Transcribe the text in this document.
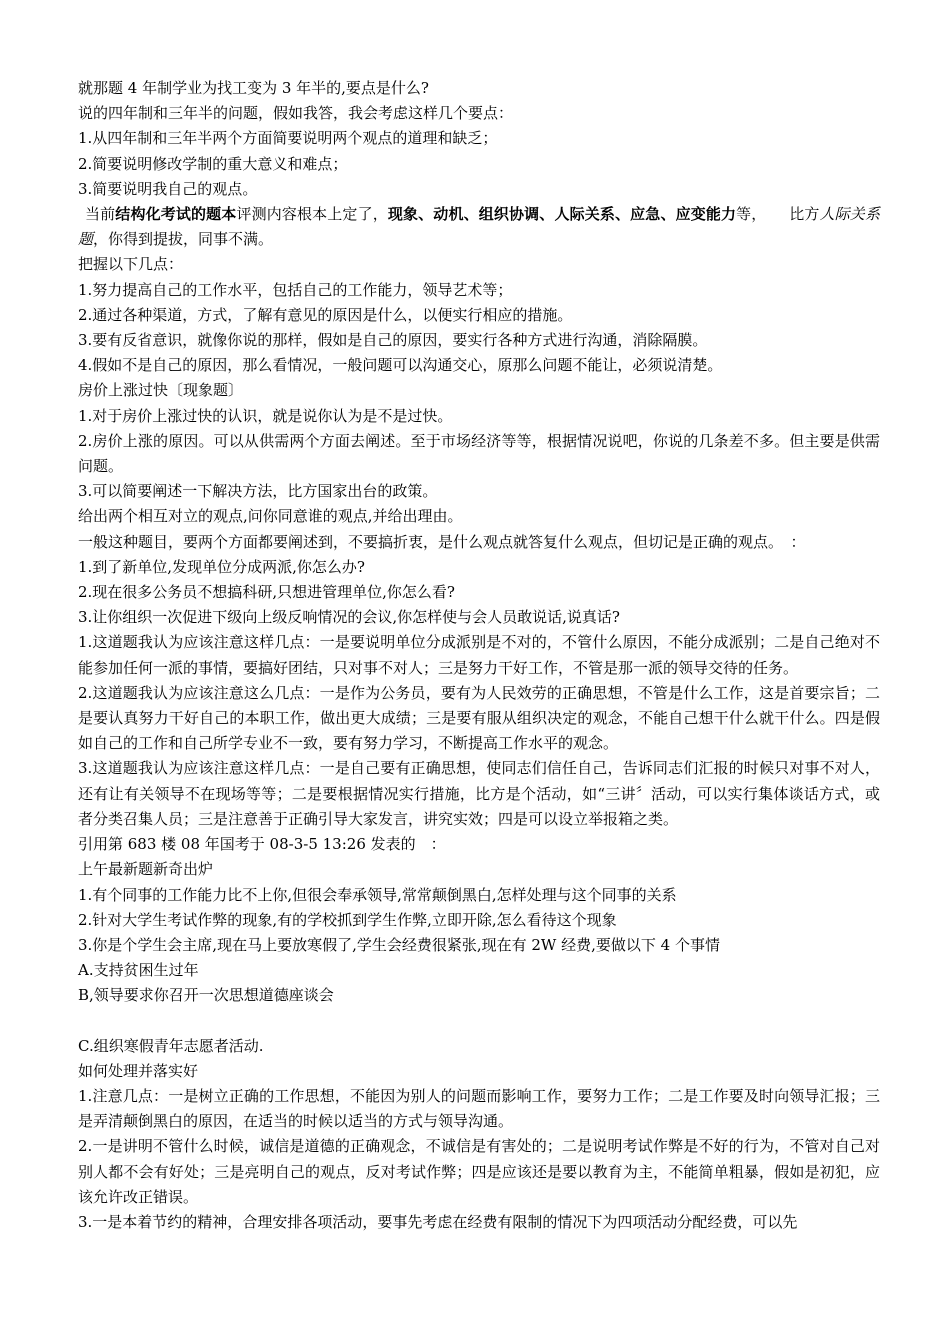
就那题 4 年制学业为找工变为 3 年半的,要点是什么?

说的四年制和三年半的问题，假如我答，我会考虑这样几个要点：

1.从四年制和三年半两个方面简要说明两个观点的道理和缺乏；

2.简要说明修改学制的重大意义和难点；

3.简要说明我自己的观点。

当前结构化考试的题本评测内容根本上定了，现象、动机、组织协调、人际关系、应急、应变能力等，　　比方人际关系题，你得到提拔，同事不满。

把握以下几点：

1.努力提高自己的工作水平，包括自己的工作能力，领导艺术等；

2.通过各种渠道，方式，了解有意见的原因是什么，以便实行相应的措施。

3.要有反省意识，就像你说的那样，假如是自己的原因，要实行各种方式进行沟通，消除隔膜。

4.假如不是自己的原因，那么看情况，一般问题可以沟通交心，原那么问题不能让，必须说清楚。

房价上涨过快〔现象题〕

1.对于房价上涨过快的认识，就是说你认为是不是过快。

2.房价上涨的原因。可以从供需两个方面去阐述。至于市场经济等等，根据情况说吧，你说的几条差不多。但主要是供需问题。

3.可以简要阐述一下解决方法，比方国家出台的政策。

给出两个相互对立的观点,问你同意谁的观点,并给出理由。

一般这种题目，要两个方面都要阐述到，不要搞折衷，是什么观点就答复什么观点，但切记是正确的观点。　：

1.到了新单位,发现单位分成两派,你怎么办?

2.现在很多公务员不想搞科研,只想进管理单位,你怎么看?

3.让你组织一次促进下级向上级反响情况的会议,你怎样使与会人员敢说话,说真话?

1.这道题我认为应该注意这样几点：一是要说明单位分成派别是不对的，不管什么原因，不能分成派别；二是自己绝对不能参加任何一派的事情，要搞好团结，只对事不对人；三是努力干好工作，不管是那一派的领导交待的任务。

2.这道题我认为应该注意这么几点：一是作为公务员，要有为人民效劳的正确思想，不管是什么工作，这是首要宗旨；二是要认真努力干好自己的本职工作，做出更大成绩；三是要有服从组织决定的观念，不能自己想干什么就干什么。四是假如自己的工作和自己所学专业不一致，要有努力学习，不断提高工作水平的观念。

3.这道题我认为应该注意这样几点：一是自己要有正确思想，使同志们信任自己，告诉同志们汇报的时候只对事不对人，还有让有关领导不在现场等等；二是要根据情况实行措施，比方是个活动，如“三讲〞活动，可以实行集体谈话方式，或者分类召集人员；三是注意善于正确引导大家发言，讲究实效；四是可以设立举报箱之类。

引用第 683 楼 08 年国考于 08-3-5 13:26 发表的　：

上午最新题新奇出炉

1.有个同事的工作能力比不上你,但很会奉承领导,常常颠倒黑白,怎样处理与这个同事的关系

2.针对大学生考试作弊的现象,有的学校抓到学生作弊,立即开除,怎么看待这个现象

3.你是个学生会主席,现在马上要放寒假了,学生会经费很紧张,现在有 2W 经费,要做以下 4 个事情

A.支持贫困生过年

B,领导要求你召开一次思想道德座谈会

C.组织寒假青年志愿者活动.

如何处理并落实好

1.注意几点：一是树立正确的工作思想，不能因为别人的问题而影响工作，要努力工作；二是工作要及时向领导汇报；三是弄清颠倒黑白的原因，在适当的时候以适当的方式与领导沟通。

2.一是讲明不管什么时候，诚信是道德的正确观念，不诚信是有害处的；二是说明考试作弊是不好的行为，不管对自己对别人都不会有好处；三是亮明自己的观点，反对考试作弊；四是应该还是要以教育为主，不能简单粗暴，假如是初犯，应该允许改正错误。

3.一是本着节约的精神，合理安排各项活动，要事先考虑在经费有限制的情况下为四项活动分配经费，可以先
